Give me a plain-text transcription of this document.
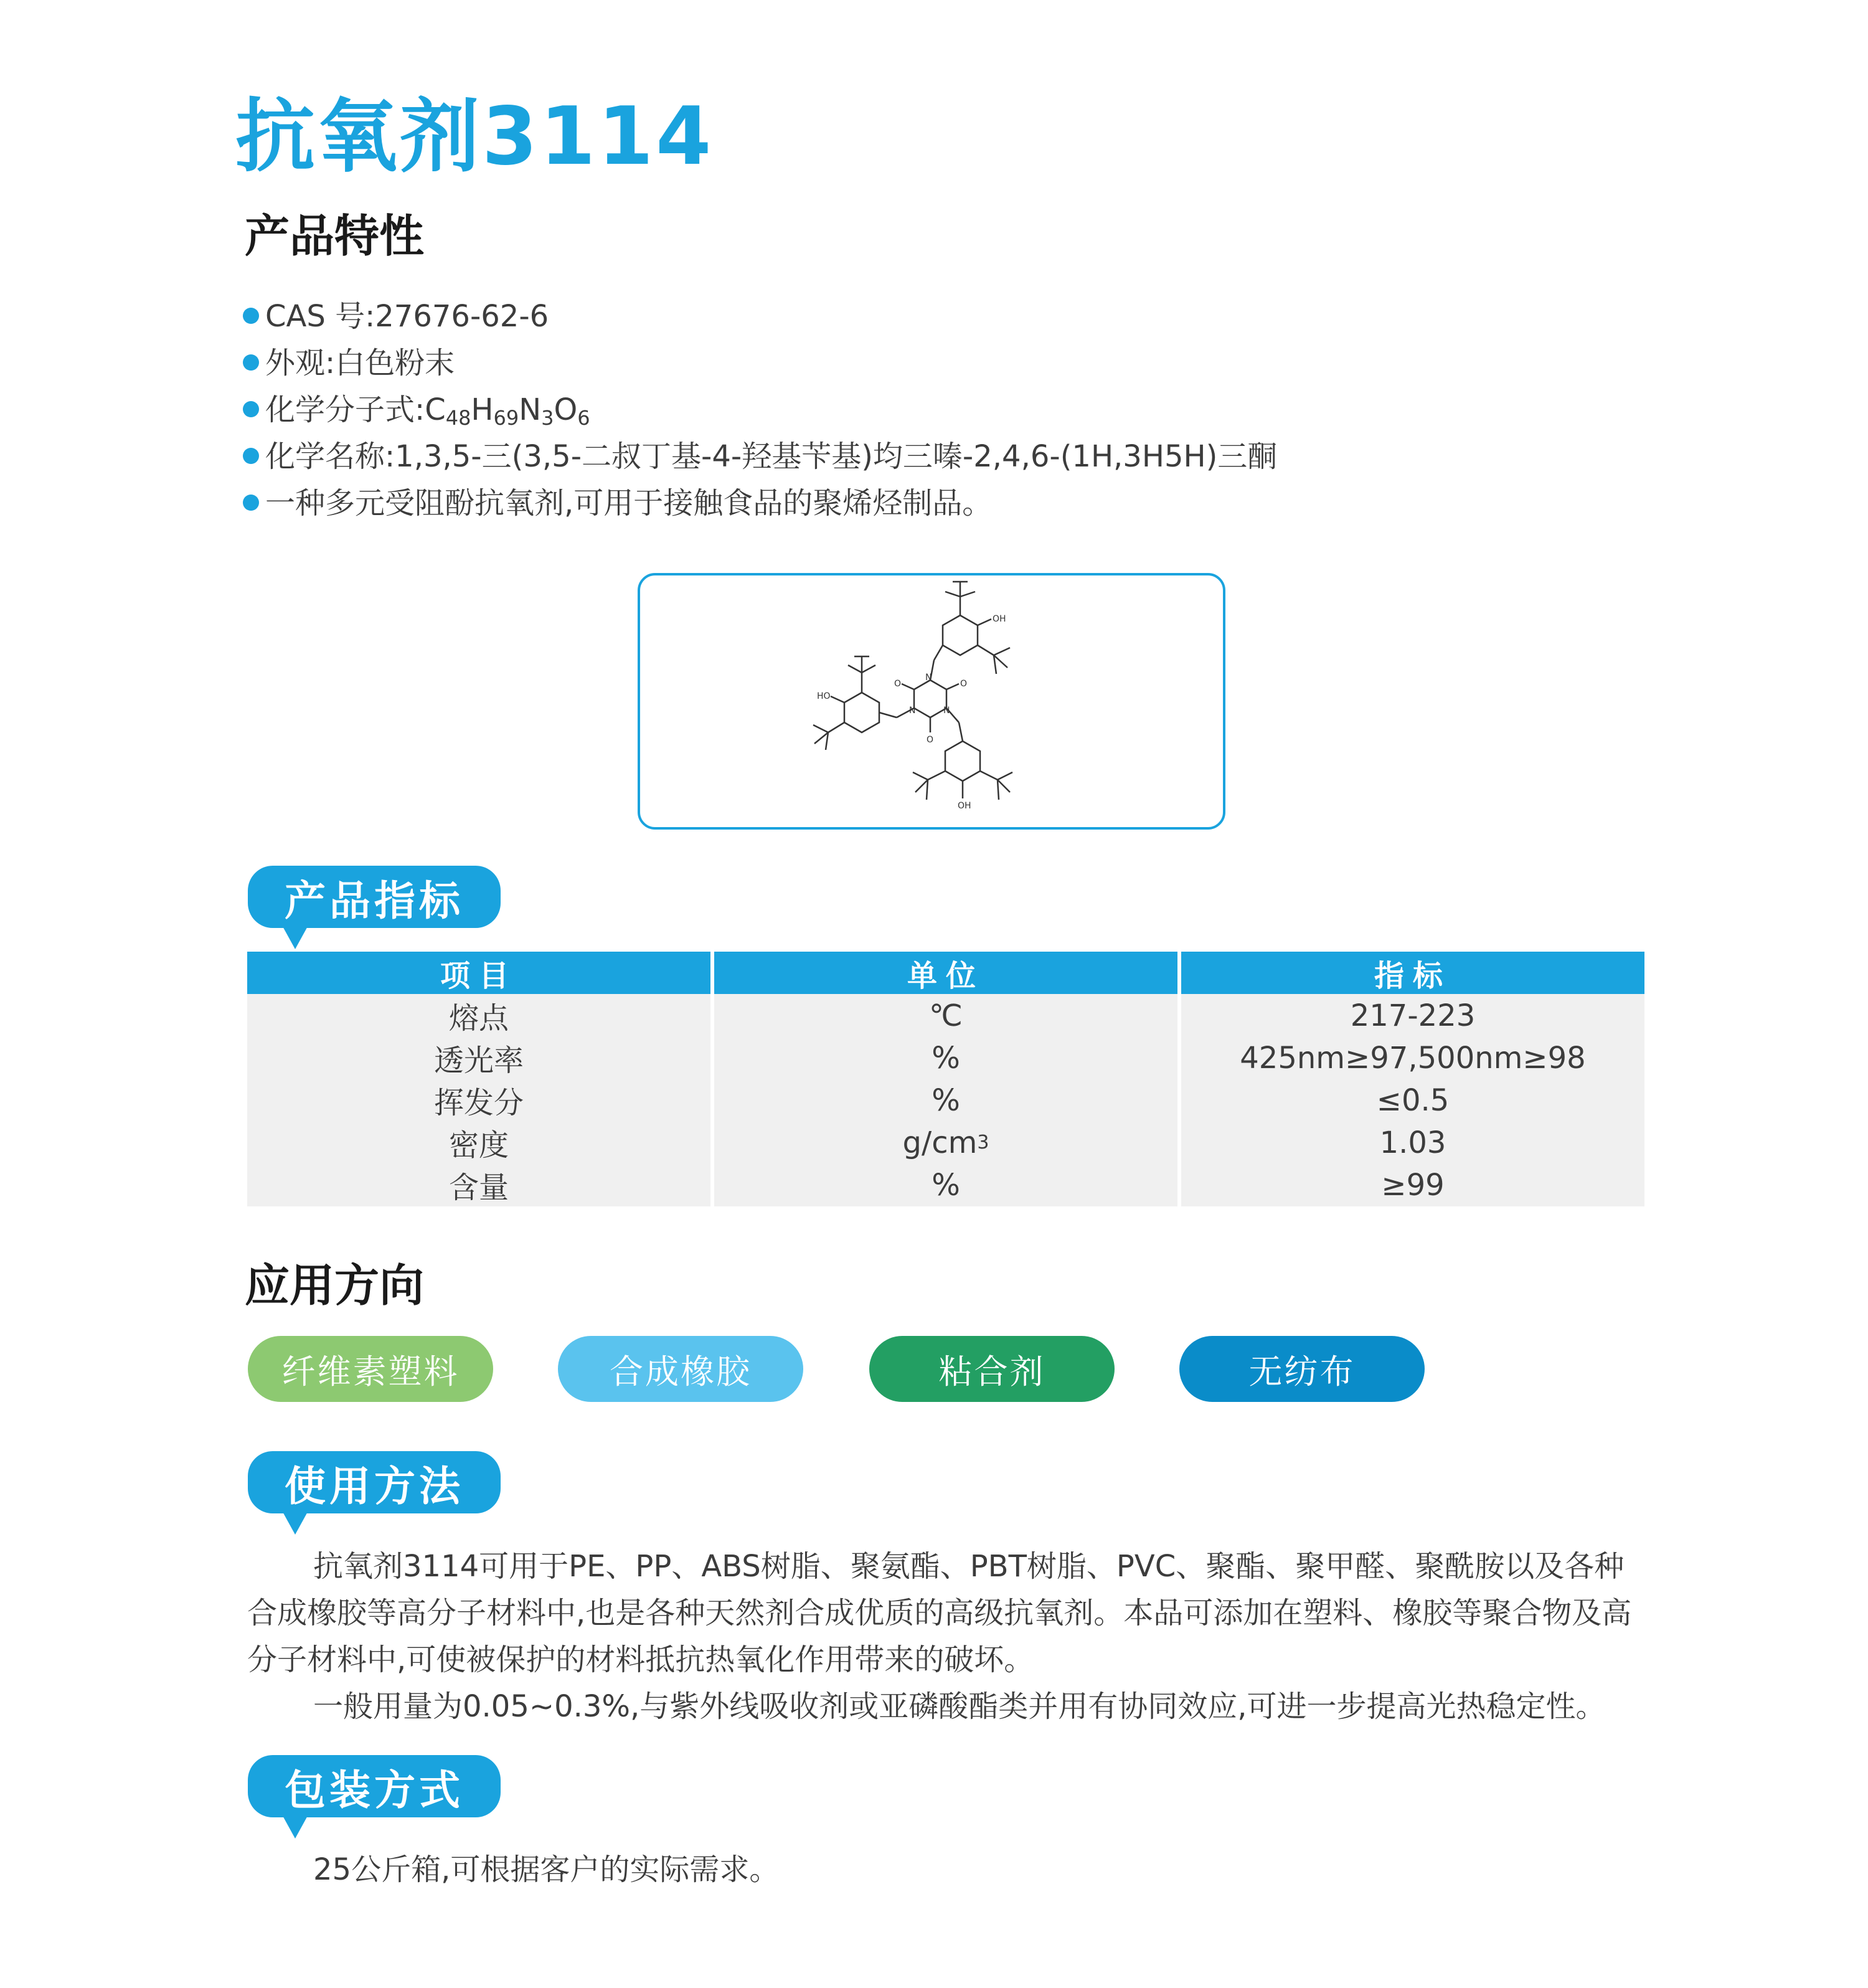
抗氧剂3114
产品特性
CAS 号:27676-62-6
外观:白色粉末
化学分子式$:C_{48}H_{69}N_3O_6$
化学名称:1,3,5-三(3,5-二叔丁基-4-羟基苄基)均三嗪-2,4,6-(1H,3H5H)三酮
一种多元受阻酚抗氧剂,可用于接触食品的聚烯烃制品。
OH
HO
OH
N
N	N
O
O
O
产品指标
项目	单位	指标
熔点	℃	217-223
透光率	%	425nm≥97,500nm≥98
挥发分	%	≤0.5
密度	g/cm 3	1.03
含量	%	≥99
应用方向
纤维素塑料	合成橡胶	粘合剂	无纺布
使用方法

抗氧剂3114可用于PE、PP、ABS树脂、聚氨酯、PBT树脂、PVC、聚酯、聚甲醛、聚酰胺以及各种合成橡胶等高分子材料中,也是各种天然剂合成优质的高级抗氧剂。本品可添加在塑料、橡胶等聚合物及高分子材料中,可使被保护的材料抵抗热氧化作用带来的破坏。

一般用量为0.05~0.3%,与紫外线吸收剂或亚磷酸酯类并用有协同效应,可进一步提高光热稳定性。

包装方式

25公斤箱,可根据客户的实际需求。
